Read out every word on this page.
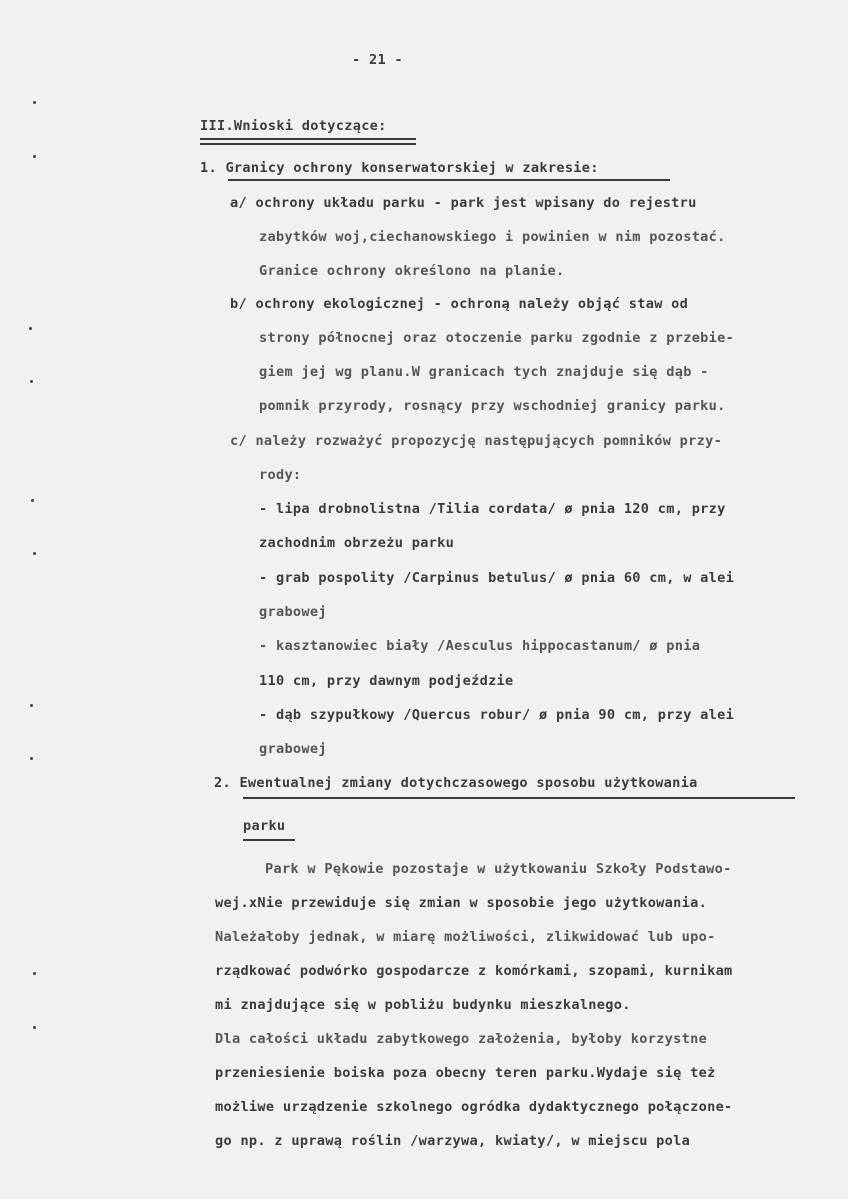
- 21 -
III.Wnioski dotyczące:
1. Granicy ochrony konserwatorskiej w zakresie:
a/ ochrony układu parku - park jest wpisany do rejestru
zabytków woj,ciechanowskiego i powinien w nim pozostać.
Granice ochrony określono na planie.
b/ ochrony ekologicznej - ochroną należy objąć staw od
strony północnej oraz otoczenie parku zgodnie z przebie-
giem jej wg planu.W granicach tych znajduje się dąb -
pomnik przyrody, rosnący przy wschodniej granicy parku.
c/ należy rozważyć propozycję następujących pomników przy-
rody:
- lipa drobnolistna /Tilia cordata/ ø pnia 120 cm, przy
zachodnim obrzeżu parku
- grab pospolity /Carpinus betulus/ ø pnia 60 cm, w alei
grabowej
- kasztanowiec biały /Aesculus hippocastanum/ ø pnia
110 cm, przy dawnym podjeździe
- dąb szypułkowy /Quercus robur/ ø pnia 90 cm, przy alei
grabowej
2. Ewentualnej zmiany dotychczasowego sposobu użytkowania
parku
Park w Pękowie pozostaje w użytkowaniu Szkoły Podstawo-
wej.xNie przewiduje się zmian w sposobie jego użytkowania.
Należałoby jednak, w miarę możliwości, zlikwidować lub upo-
rządkować podwórko gospodarcze z komórkami, szopami, kurnikam
mi znajdujące się w pobliżu budynku mieszkalnego.
Dla całości układu zabytkowego założenia, byłoby korzystne
przeniesienie boiska poza obecny teren parku.Wydaje się też
możliwe urządzenie szkolnego ogródka dydaktycznego połączone-
go np. z uprawą roślin /warzywa, kwiaty/, w miejscu pola
